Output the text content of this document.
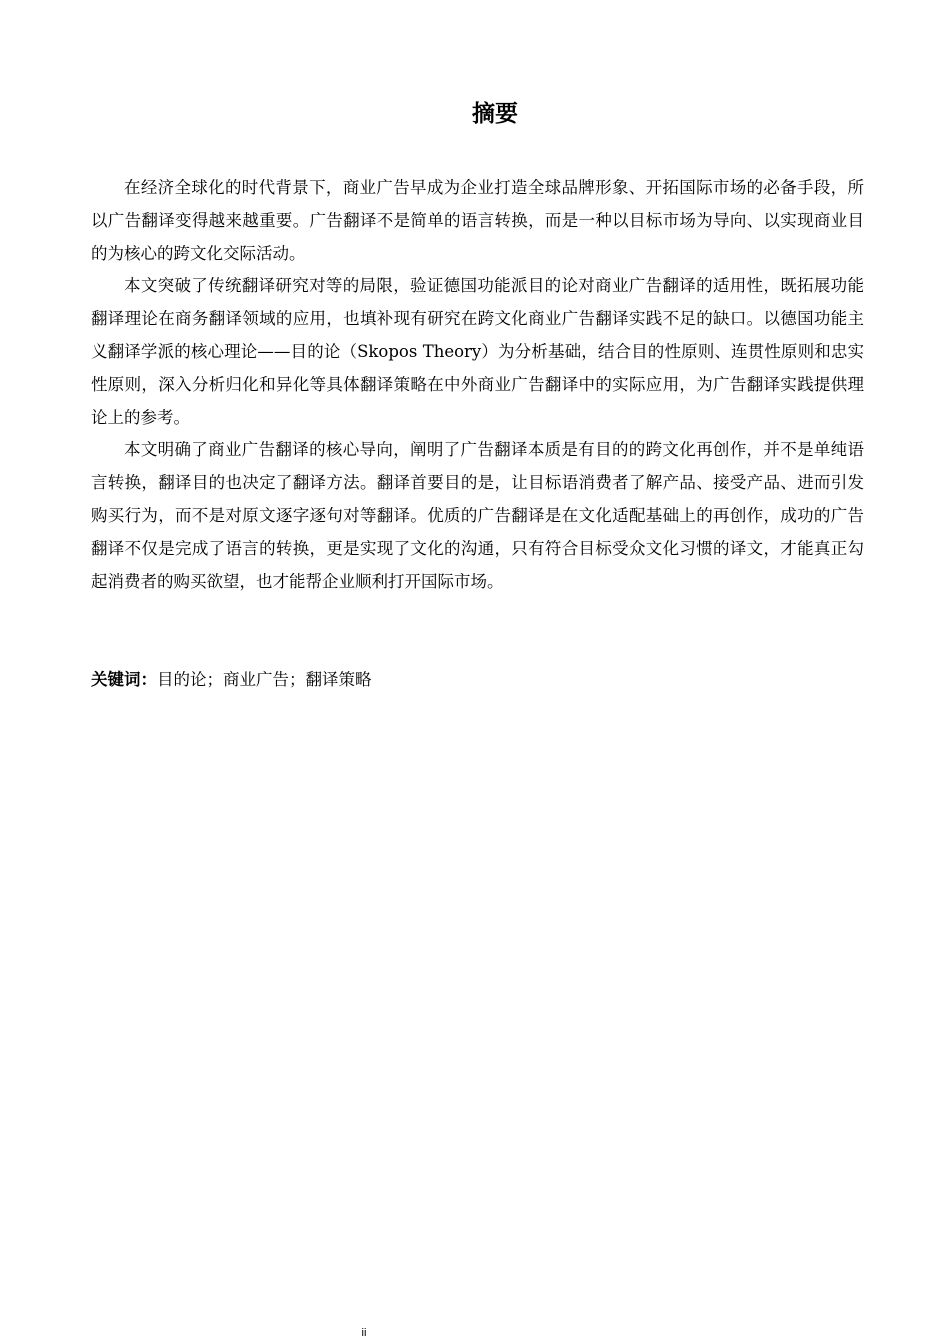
摘要

在经济全球化的时代背景下，商业广告早成为企业打造全球品牌形象、开拓国际市场的必备手段，所以广告翻译变得越来越重要。广告翻译不是简单的语言转换，而是一种以目标市场为导向、以实现商业目的为核心的跨文化交际活动。

本文突破了传统翻译研究对等的局限，验证德国功能派目的论对商业广告翻译的适用性，既拓展功能翻译理论在商务翻译领域的应用，也填补现有研究在跨文化商业广告翻译实践不足的缺口。以德国功能主义翻译学派的核心理论——目的论（Skopos Theory）为分析基础，结合目的性原则、连贯性原则和忠实性原则，深入分析归化和异化等具体翻译策略在中外商业广告翻译中的实际应用，为广告翻译实践提供理论上的参考。

本文明确了商业广告翻译的核心导向，阐明了广告翻译本质是有目的的跨文化再创作，并不是单纯语言转换，翻译目的也决定了翻译方法。翻译首要目的是，让目标语消费者了解产品、接受产品、进而引发购买行为，而不是对原文逐字逐句对等翻译。优质的广告翻译是在文化适配基础上的再创作，成功的广告翻译不仅是完成了语言的转换，更是实现了文化的沟通，只有符合目标受众文化习惯的译文，才能真正勾起消费者的购买欲望，也才能帮企业顺利打开国际市场。

关键词：目的论；商业广告；翻译策略

ii
